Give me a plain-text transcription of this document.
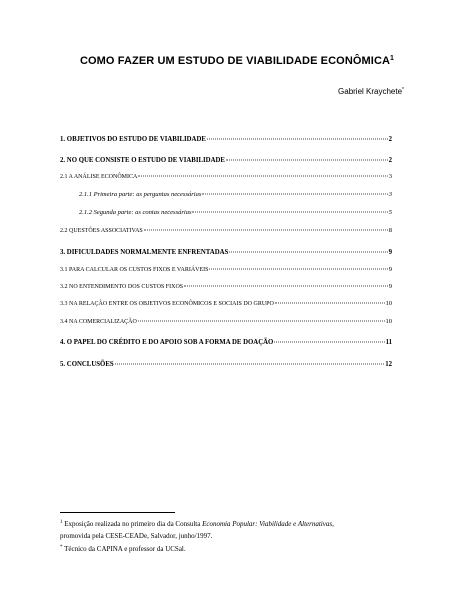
COMO FAZER UM ESTUDO DE VIABILIDADE ECONÔMICA$^1$
Gabriel Kraychete*
1. OBJETIVOS DO ESTUDO DE VIABILIDADE	2
2. NO QUE CONSISTE O ESTUDO DE VIABILIDADE	2
2.1 A ANÁLISE ECONÔMICA	3
2.1.1 Primeira parte: as perguntas necessárias	3
2.1.2 Segunda parte: as contas necessárias	5
2.2 QUESTÕES ASSOCIATIVAS	8
3. DIFICULDADES NORMALMENTE ENFRENTADAS	9
3.1 PARA CALCULAR OS CUSTOS FIXOS E VARIÁVEIS	9
3.2 NO ENTENDIMENTO DOS CUSTOS FIXOS	9
3.3 NA RELAÇÃO ENTRE OS OBJETIVOS ECONÔMICOS E SOCIAIS DO GRUPO	10
3.4 NA COMERCIALIZAÇÃO	10
4. O PAPEL DO CRÉDITO E DO APOIO SOB A FORMA DE DOAÇÃO	11
5. CONCLUSÕES	12
$^1$ Exposição realizada no primeiro dia da Consulta Economia Popular: Viabilidade e Alternativas,
promovida pela CESE-CEADe, Salvador, junho/1997.
* Técnico da CAPINA e professor da UCSal.
